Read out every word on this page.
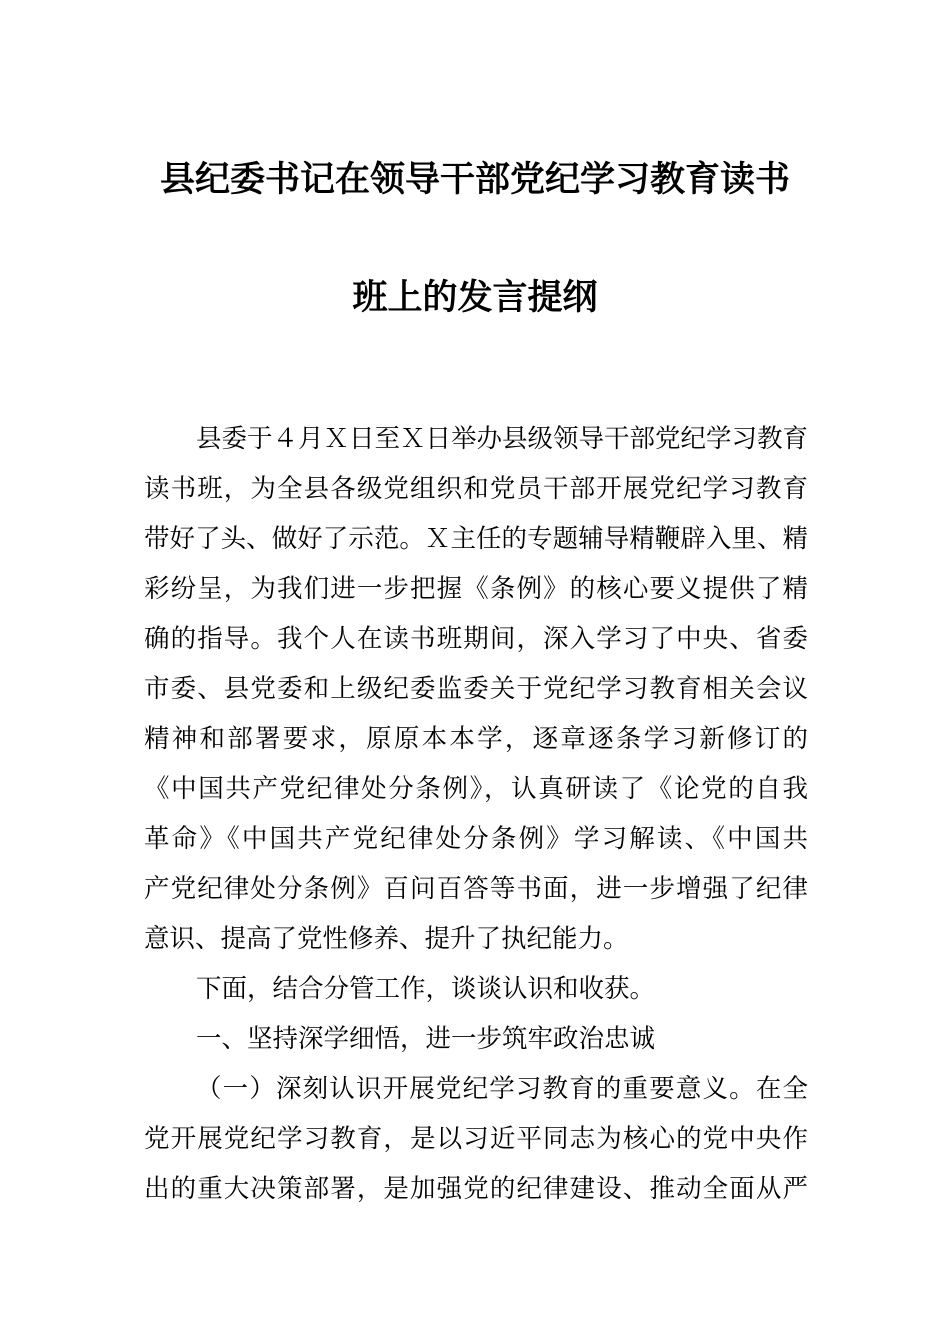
县纪委书记在领导干部党纪学习教育读书
班上的发言提纲
县委于４月Ｘ日至Ｘ日举办县级领导干部党纪学习教育
读书班，为全县各级党组织和党员干部开展党纪学习教育
带好了头、做好了示范。Ｘ主任的专题辅导精鞭辟入里、精
彩纷呈，为我们进一步把握《条例》的核心要义提供了精
确的指导。我个人在读书班期间，深入学习了中央、省委
市委、县党委和上级纪委监委关于党纪学习教育相关会议
精神和部署要求，原原本本学，逐章逐条学习新修订的
《中国共产党纪律处分条例》，认真研读了《论党的自我
革命》《中国共产党纪律处分条例》学习解读、《中国共
产党纪律处分条例》百问百答等书面，进一步增强了纪律
意识、提高了党性修养、提升了执纪能力。
下面，结合分管工作，谈谈认识和收获。
一、坚持深学细悟，进一步筑牢政治忠诚
（一）深刻认识开展党纪学习教育的重要意义。在全
党开展党纪学习教育，是以习近平同志为核心的党中央作
出的重大决策部署，是加强党的纪律建设、推动全面从严
